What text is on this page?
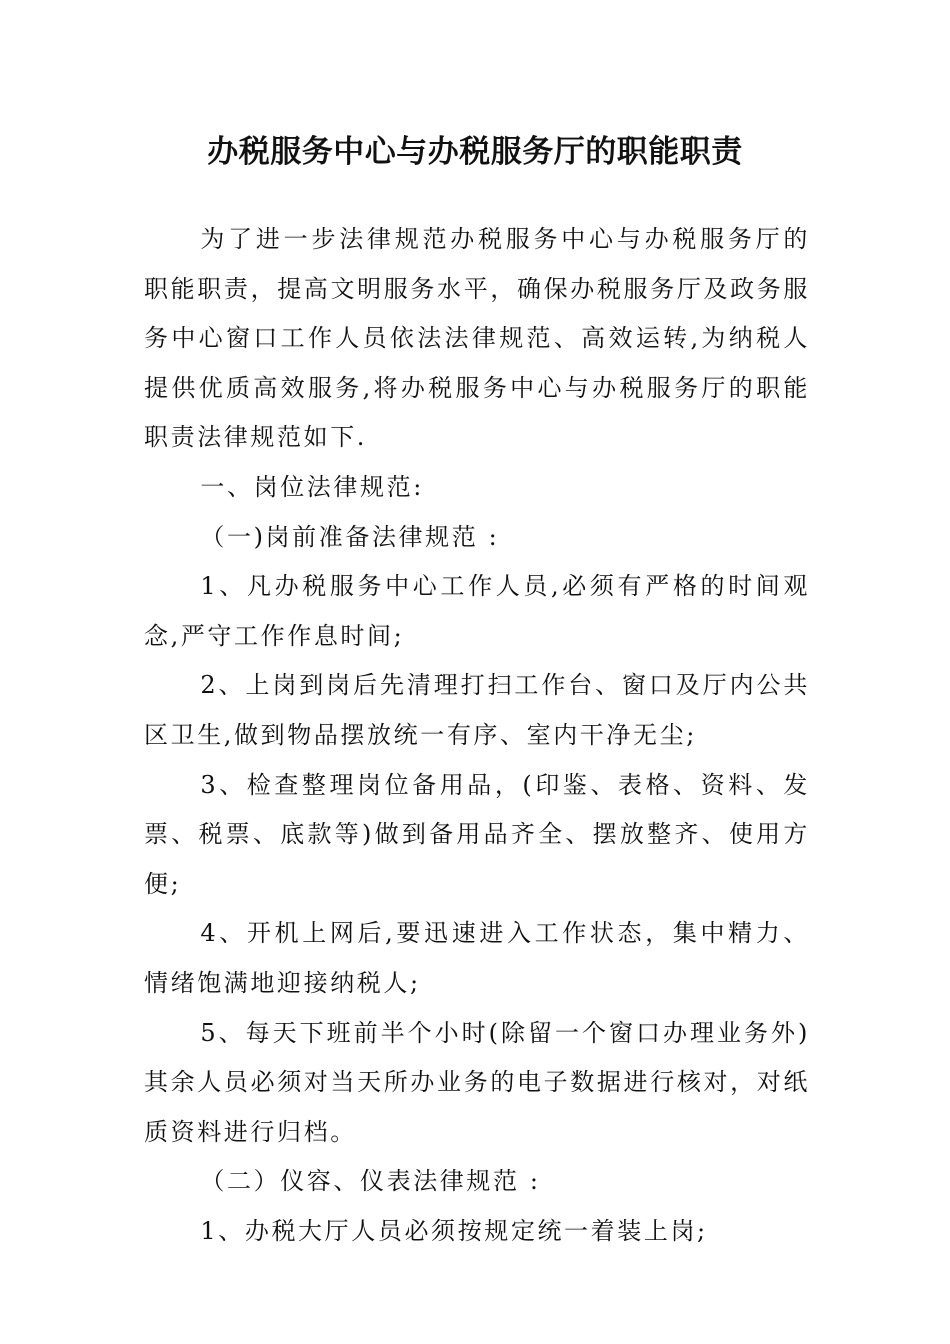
办税服务中心与办税服务厅的职能职责

为了进一步法律规范办税服务中心与办税服务厅的职能职责，提高文明服务水平，确保办税服务厅及政务服务中心窗口工作人员依法法律规范、高效运转,为纳税人提供优质高效服务,将办税服务中心与办税服务厅的职能职责法律规范如下.

一、岗位法律规范:

（一)岗前准备法律规范 :

1、凡办税服务中心工作人员,必须有严格的时间观念,严守工作作息时间;

2、上岗到岗后先清理打扫工作台、窗口及厅内公共区卫生,做到物品摆放统一有序、室内干净无尘;

3、检查整理岗位备用品，(印鉴、表格、资料、发票、税票、底款等)做到备用品齐全、摆放整齐、使用方便;

4、开机上网后,要迅速进入工作状态，集中精力、情绪饱满地迎接纳税人;

5、每天下班前半个小时(除留一个窗口办理业务外)其余人员必须对当天所办业务的电子数据进行核对，对纸质资料进行归档。

（二）仪容、仪表法律规范 :

1、办税大厅人员必须按规定统一着装上岗;
